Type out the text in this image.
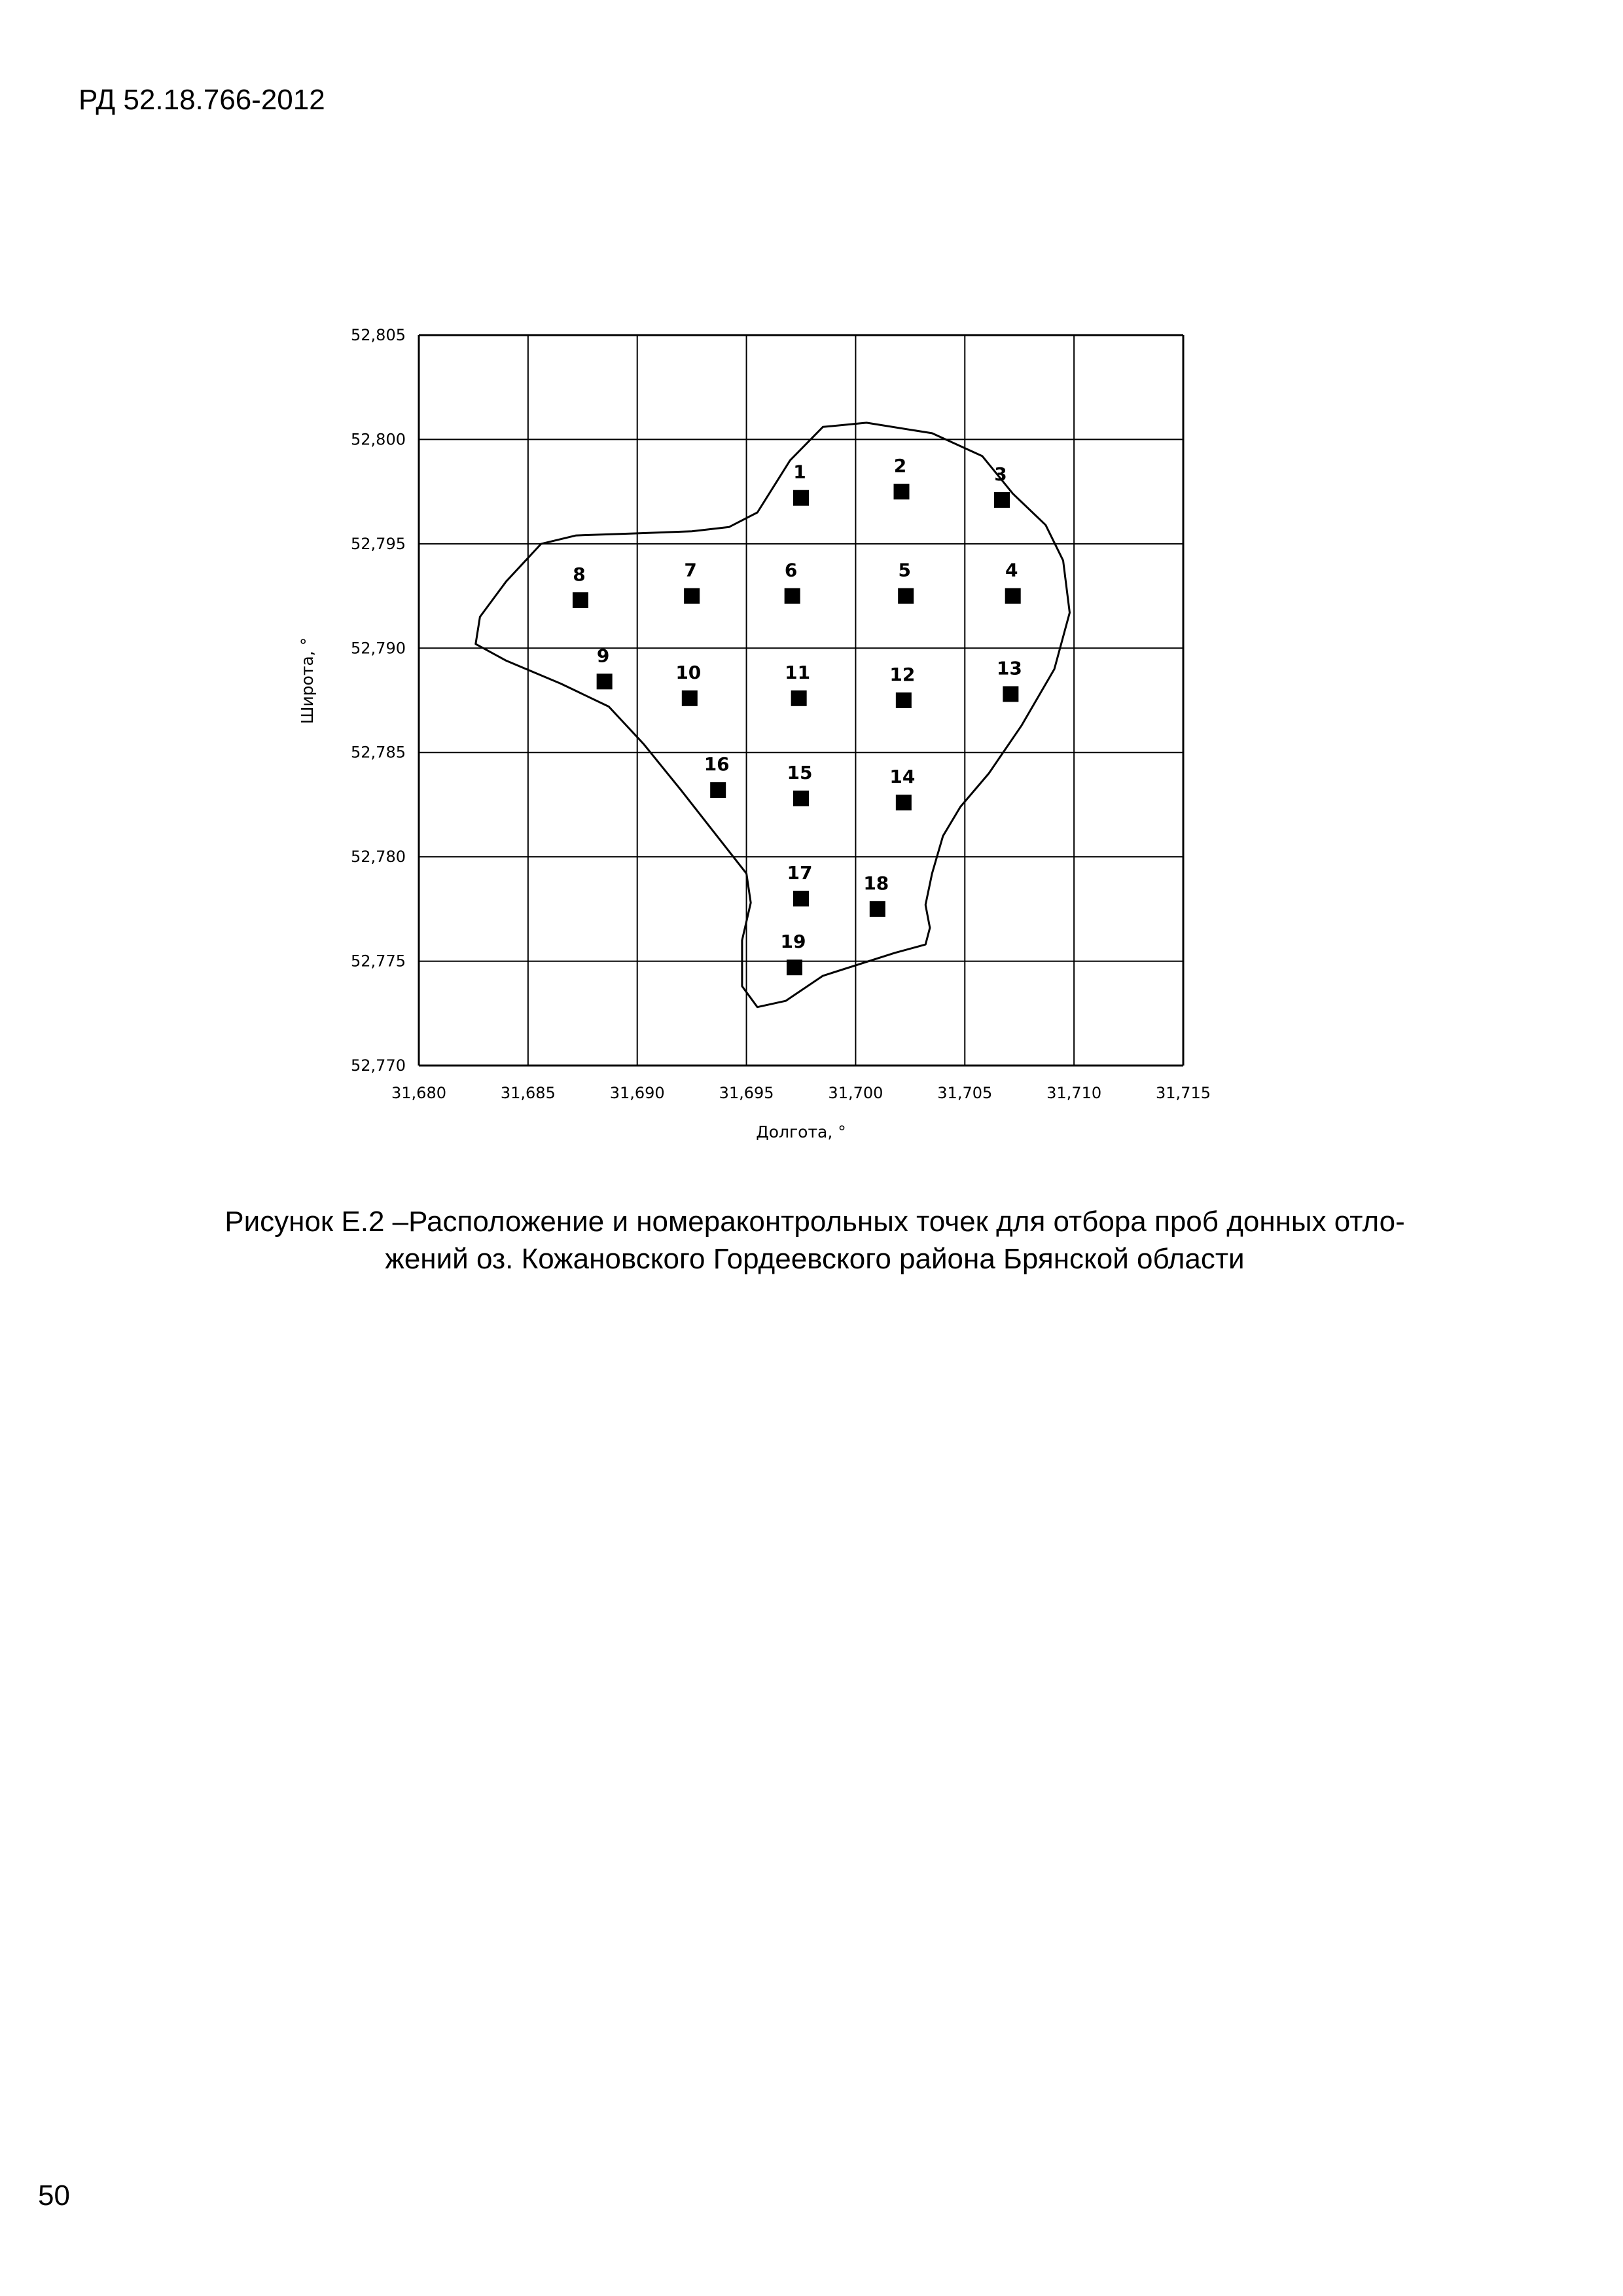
РД 52.18.766-2012
1	2	3
4
5
6
7
8
9
10	11	12	13
14
15
16
17	18
19
31,680	31,685	31,690	31,695	31,700	31,705	31,710	31,715
52,770
52,775
52,780
52,785
52,790
52,795
52,800
52,805
Долгота, °
Широта, °
Рисунок Е.2 –Расположение и номераконтрольных точек для отбора проб донных отло-
жений оз. Кожановского Гордеевского района Брянской области
50
